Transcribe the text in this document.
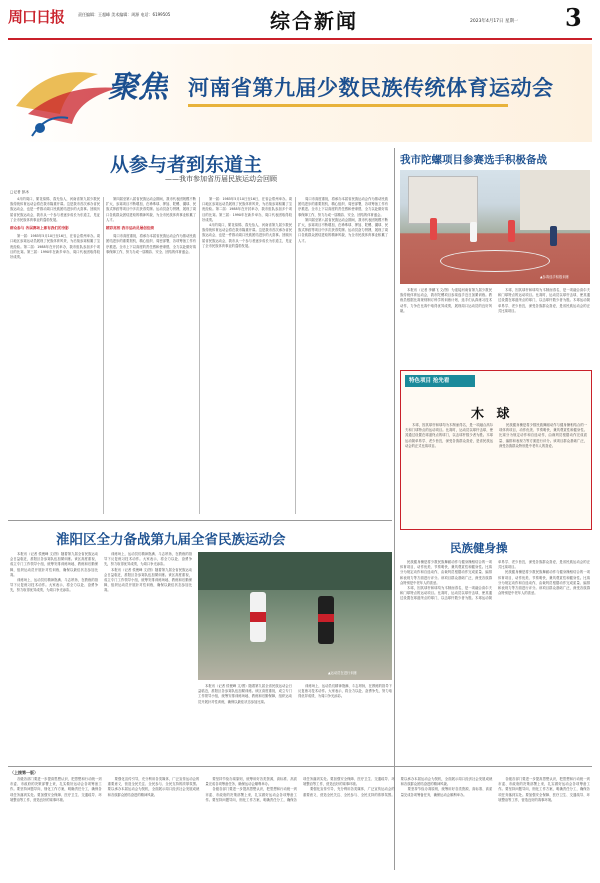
周口日报	责任编辑：王超峰 美术编辑：周源 电话：6199505	综合新闻	2023年4月17日 星期一 3
聚焦 河南省第九届少数民族传统体育运动会
从参与者到东道主
——我市参加省历届民族运动会回顾
□记者 彭冰

4月的周口，繁花似锦、春光怡人，河南省第九届少数民族传统体育运动会将在我市隆重开幕。这是我市首次承办省民族运动会，也是一件推动周口民族团结进步的大喜事。回顾历届省民族运动会，我市从一个参与者逐步成长为东道主，见证了全市民族体育事业的蓬勃发展。

群众参与 各届赛场上都有我们的身影

第一届：1985年5月10日至16日，在省会郑州举办。周口地区参赛运动员展现了民族体育风采，为后续参赛积累了宝贵经验。第二届：1988年在开封举办，我市组队参加多个项目的比赛。第三届：1990年在新乡举办，周口代表团取得较好成绩。

第四届至第八届省民族运动会期间，我市代表团规模不断扩大，参赛项目不断增加，在珍珠球、押加、陀螺、毽球、民族式摔跤等项目中多次获得奖牌。运动员奋力拼搏，展现了周口各族群众团结进取的精神风貌，为全市民族体育事业积累了人才。

精彩亮相 我市运动员屡创佳绩

周口市高度重视，将承办本届省民族运动会作为推动民族团结进步的重要契机，精心组织、周密部署，各项筹备工作有序推进。全市上下以高度的责任感和使命感，全力以赴做好赛事保障工作，努力办成一届精彩、安全、团结的体育盛会。

第一届：1985年5月10日至16日，在省会郑州举办。周口地区参赛运动员展现了民族体育风采，为后续参赛积累了宝贵经验。第二届：1988年在开封举办，我市组队参加多个项目的比赛。第三届：1990年在新乡举办，周口代表团取得较好成绩。

4月的周口，繁花似锦、春光怡人，河南省第九届少数民族传统体育运动会将在我市隆重开幕。这是我市首次承办省民族运动会，也是一件推动周口民族团结进步的大喜事。回顾历届省民族运动会，我市从一个参与者逐步成长为东道主，见证了全市民族体育事业的蓬勃发展。

周口市高度重视，将承办本届省民族运动会作为推动民族团结进步的重要契机，精心组织、周密部署，各项筹备工作有序推进。全市上下以高度的责任感和使命感，全力以赴做好赛事保障工作，努力办成一届精彩、安全、团结的体育盛会。

第四届至第八届省民族运动会期间，我市代表团规模不断扩大，参赛项目不断增加，在珍珠球、押加、陀螺、毽球、民族式摔跤等项目中多次获得奖牌。运动员奋力拼搏，展现了周口各族群众团结进取的精神风貌，为全市民族体育事业积累了人才。

我市陀螺项目参赛选手积极备战
▲参赛选手积极训练

本报讯（记者 李鹏飞 文/图）为迎接河南省第九届少数民族传统体育运动会，我市陀螺项目参赛选手近日加紧训练。教练员根据比赛规则制订科学的训练计划，选手们认真练习技术动作，力争在比赛中取得优异成绩，展现周口运动员的良好风貌。

木球，因其球杆和球均为木制而得名，是一项融合高尔夫和门球特点的运动项目。比赛时，运动员以球杆击球，使其通过设置在球道终点的球门，以击球杆数少者为胜。木球运动简单易学、老少皆宜，深受各族群众喜爱，是省民族运动会的正式比赛项目。

特色项目 抢先看
木 球

木球，因其球杆和球均为木制而得名，是一项融合高尔夫和门球特点的运动项目。比赛时，运动员以球杆击球，使其通过设置在球道终点的球门，以击球杆数少者为胜。木球运动简单易学、老少皆宜，深受各族群众喜爱，是省民族运动会的正式比赛项目。

民族健身操是将少数民族舞蹈动作与健身操相结合的一项体育项目，动作优美、节奏明快，兼具观赏性和健身性。比赛分为规定动作和自选动作，由裁判员根据动作完成质量、编排和表现力等方面进行评分。该项目群众基础广泛，深受各族群众特别是中老年人的喜爱。

淮阳区全力备战第九届全省民族运动会

本报讯（记者 侯俊峰 文/图）随着第九届全省民族运动会日益临近，淮阳区各参赛队伍加紧训练。该区高度重视，成立专门工作领导小组，统筹安排训练场地、教练和后勤保障，组织运动员开展针对性训练，确保以最佳状态参加比赛。

训练场上，运动员们精神饱满、斗志昂扬，在教练的指导下反复练习技术动作。大家表示，将全力以赴、奋勇争先，努力取得优异成绩，为周口争光添彩。

训练场上，运动员们精神饱满、斗志昂扬，在教练的指导下反复练习技术动作。大家表示，将全力以赴、奋勇争先，努力取得优异成绩，为周口争光添彩。

本报讯（记者 侯俊峰 文/图）随着第九届全省民族运动会日益临近，淮阳区各参赛队伍加紧训练。该区高度重视，成立专门工作领导小组，统筹安排训练场地、教练和后勤保障，组织运动员开展针对性训练，确保以最佳状态参加比赛。

▲运动员在进行训练

本报讯（记者 侯俊峰 文/图）随着第九届全省民族运动会日益临近，淮阳区各参赛队伍加紧训练。该区高度重视，成立专门工作领导小组，统筹安排训练场地、教练和后勤保障，组织运动员开展针对性训练，确保以最佳状态参加比赛。

训练场上，运动员们精神饱满、斗志昂扬，在教练的指导下反复练习技术动作。大家表示，将全力以赴、奋勇争先，努力取得优异成绩，为周口争光添彩。

民族健身操

民族健身操是将少数民族舞蹈动作与健身操相结合的一项体育项目，动作优美、节奏明快，兼具观赏性和健身性。比赛分为规定动作和自选动作，由裁判员根据动作完成质量、编排和表现力等方面进行评分。该项目群众基础广泛，深受各族群众特别是中老年人的喜爱。

木球，因其球杆和球均为木制而得名，是一项融合高尔夫和门球特点的运动项目。比赛时，运动员以球杆击球，使其通过设置在球道终点的球门，以击球杆数少者为胜。木球运动简单易学、老少皆宜，深受各族群众喜爱，是省民族运动会的正式比赛项目。

民族健身操是将少数民族舞蹈动作与健身操相结合的一项体育项目，动作优美、节奏明快，兼具观赏性和健身性。比赛分为规定动作和自选动作，由裁判员根据动作完成质量、编排和表现力等方面进行评分。该项目群众基础广泛，深受各族群众特别是中老年人的喜爱。

（上接第一版）

各级各部门要进一步提高思想认识，把思想和行动统一到市委、市政府的决策部署上来，扎实做好运动会各项筹备工作。要坚持问题导向，细化工作方案，明确责任分工，确保各项任务落到实处。要加强安全保障、医疗卫生、交通疏导、环境整治等工作，营造良好的赛事环境。

要强化宣传引导，充分利用各类媒体，广泛宣传运动会的重要意义，营造全民关注、全民参与、全民支持的浓厚氛围。要以承办本届运动会为契机，全面展示周口经济社会发展成就和各族群众团结奋进的精神风貌。

要坚持节俭办赛原则，统筹用好各类资源，高标准、高质量完成各项筹备任务，确保运动会顺利举办。

各级各部门要进一步提高思想认识，把思想和行动统一到市委、市政府的决策部署上来，扎实做好运动会各项筹备工作。要坚持问题导向，细化工作方案，明确责任分工，确保各项任务落到实处。要加强安全保障、医疗卫生、交通疏导、环境整治等工作，营造良好的赛事环境。

要强化宣传引导，充分利用各类媒体，广泛宣传运动会的重要意义，营造全民关注、全民参与、全民支持的浓厚氛围。要以承办本届运动会为契机，全面展示周口经济社会发展成就和各族群众团结奋进的精神风貌。

要坚持节俭办赛原则，统筹用好各类资源，高标准、高质量完成各项筹备任务，确保运动会顺利举办。

各级各部门要进一步提高思想认识，把思想和行动统一到市委、市政府的决策部署上来，扎实做好运动会各项筹备工作。要坚持问题导向，细化工作方案，明确责任分工，确保各项任务落到实处。要加强安全保障、医疗卫生、交通疏导、环境整治等工作，营造良好的赛事环境。
